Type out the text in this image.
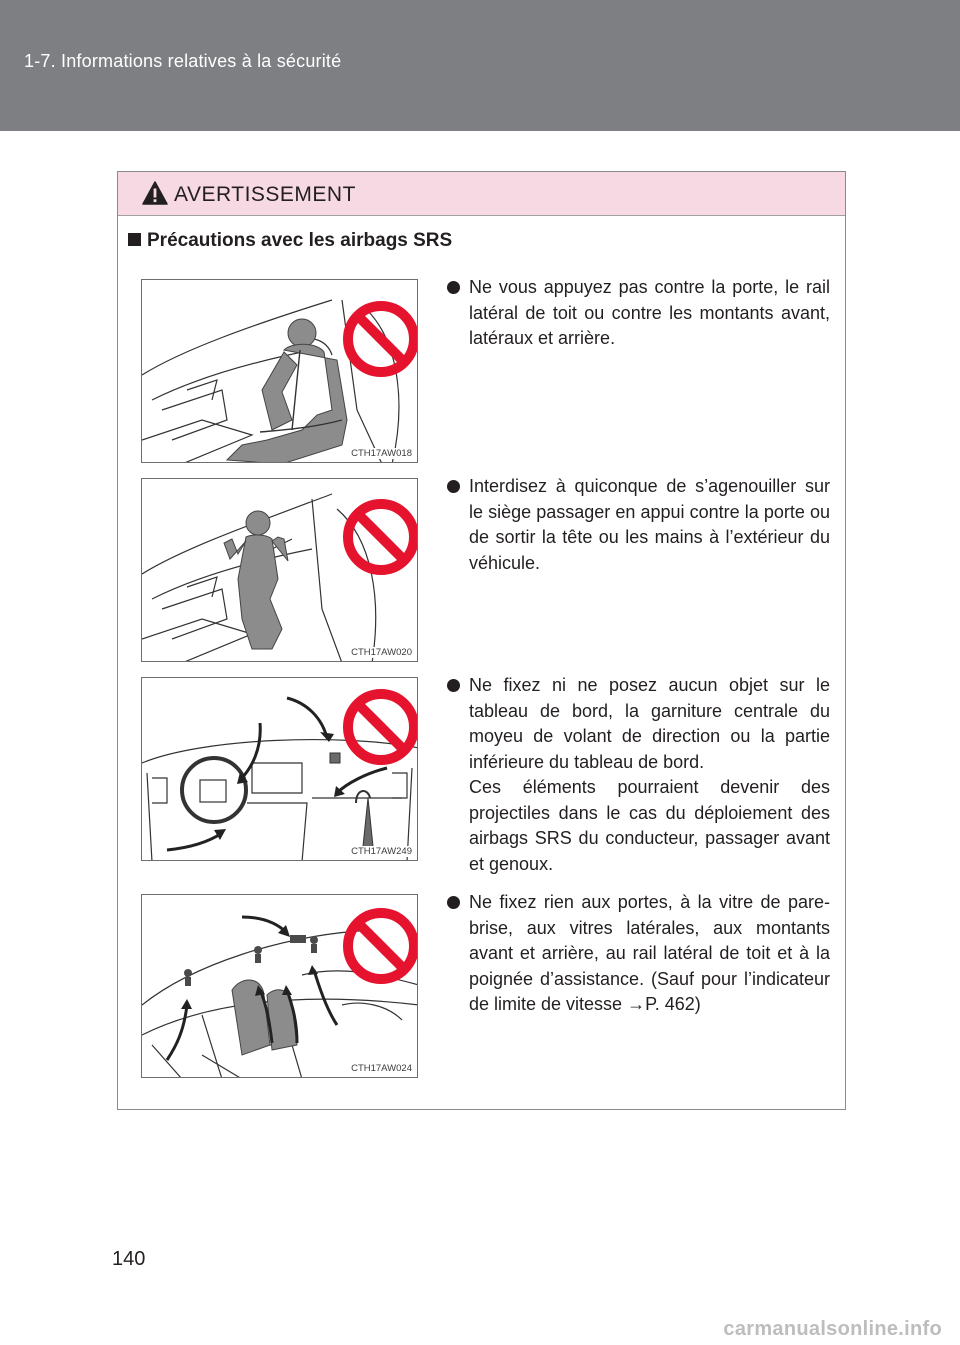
1-7. Informations relatives à la sécurité
AVERTISSEMENT
Précautions avec les airbags SRS
CTH17AW018

Ne vous appuyez pas contre la porte, le rail latéral de toit ou contre les montants avant, latéraux et arrière.

CTH17AW020

Interdisez à quiconque de s’agenouiller sur le siège passager en appui contre la porte ou de sortir la tête ou les mains à l’extérieur du véhicule.

CTH17AW249

Ne fixez ni ne posez aucun objet sur le tableau de bord, la garniture centrale du moyeu de volant de direction ou la partie inférieure du tableau de bord.

Ces éléments pourraient devenir des projectiles dans le cas du déploiement des airbags SRS du conducteur, passager avant et genoux.

CTH17AW024

Ne fixez rien aux portes, à la vitre de pare-brise, aux vitres latérales, aux montants avant et arrière, au rail latéral de toit et à la poignée d’assistance. (Sauf pour l’indicateur de limite de vitesse →P. 462)

140
carmanualsonline.info
